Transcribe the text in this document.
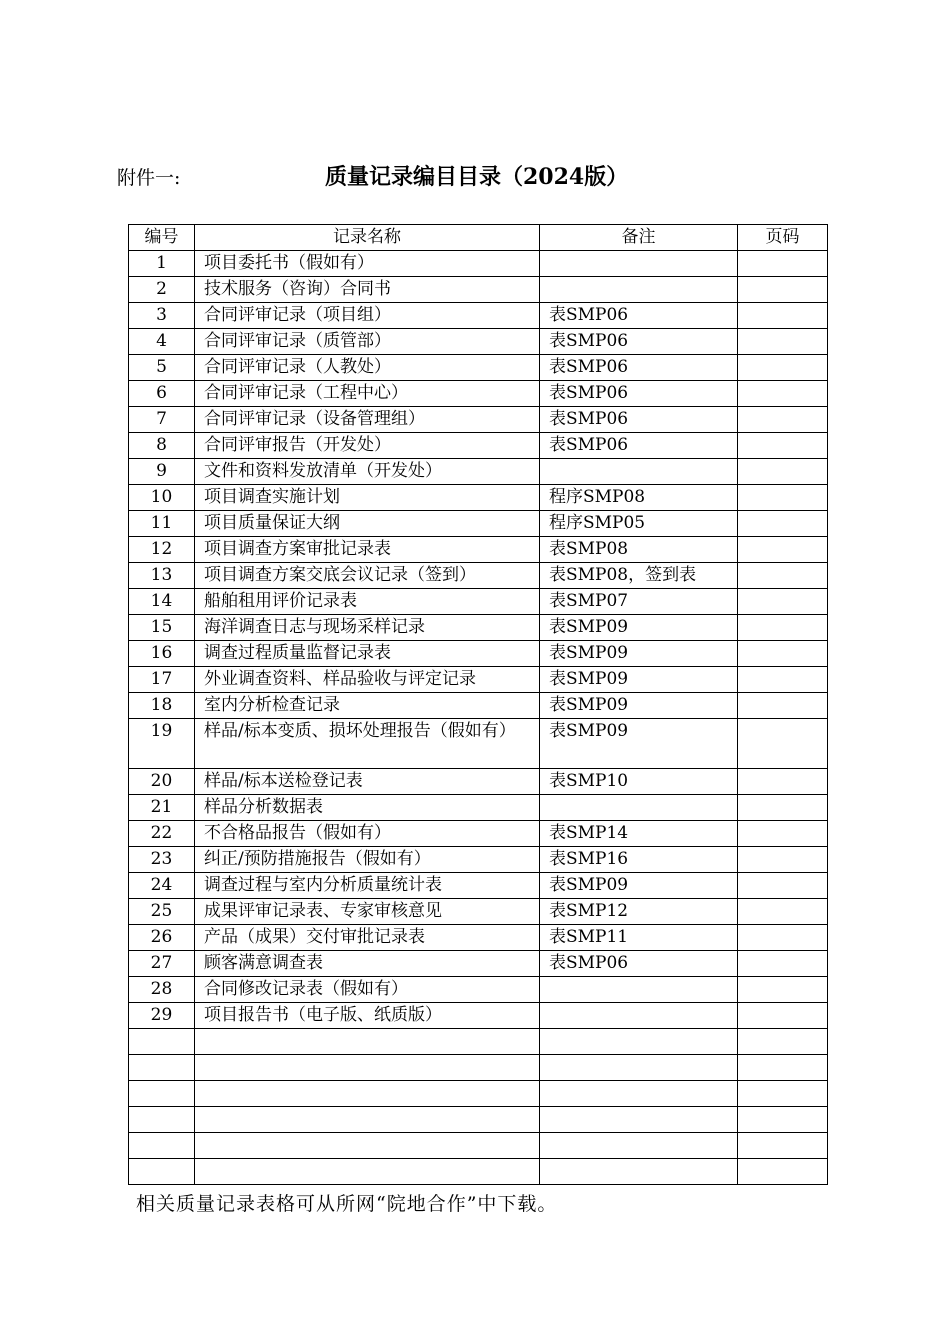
附件一:	质量记录编目目录（2024版）
编号	记录名称	备注	页码
1	项目委托书（假如有）		
2	技术服务（咨询）合同书		
3	合同评审记录（项目组）	表SMP06	
4	合同评审记录（质管部）	表SMP06	
5	合同评审记录（人教处）	表SMP06	
6	合同评审记录（工程中心）	表SMP06	
7	合同评审记录（设备管理组）	表SMP06	
8	合同评审报告（开发处）	表SMP06	
9	文件和资料发放清单（开发处）		
10	项目调查实施计划	程序SMP08	
11	项目质量保证大纲	程序SMP05	
12	项目调查方案审批记录表	表SMP08	
13	项目调查方案交底会议记录（签到）	表SMP08，签到表	
14	船舶租用评价记录表	表SMP07	
15	海洋调查日志与现场采样记录	表SMP09	
16	调查过程质量监督记录表	表SMP09	
17	外业调查资料、样品验收与评定记录	表SMP09	
18	室内分析检查记录	表SMP09	
19	样品/标本变质、损坏处理报告（假如有）	表SMP09	
20	样品/标本送检登记表	表SMP10	
21	样品分析数据表		
22	不合格品报告（假如有）	表SMP14	
23	纠正/预防措施报告（假如有）	表SMP16	
24	调查过程与室内分析质量统计表	表SMP09	
25	成果评审记录表、专家审核意见	表SMP12	
26	产品（成果）交付审批记录表	表SMP11	
27	顾客满意调查表	表SMP06	
28	合同修改记录表（假如有）		
29	项目报告书（电子版、纸质版）		

相关质量记录表格可从所网“院地合作”中下载。
